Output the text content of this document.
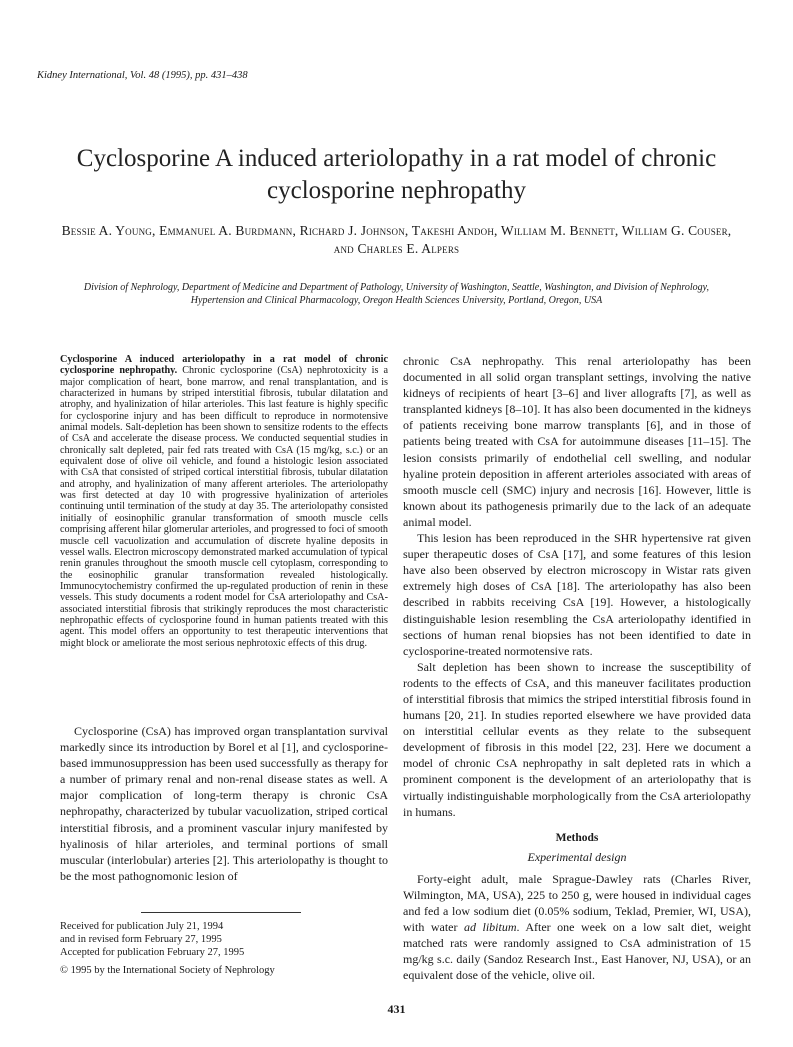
Kidney International, Vol. 48 (1995), pp. 431–438
Cyclosporine A induced arteriolopathy in a rat model of chronic cyclosporine nephropathy
Bessie A. Young, Emmanuel A. Burdmann, Richard J. Johnson, Takeshi Andoh, William M. Bennett, William G. Couser, and Charles E. Alpers
Division of Nephrology, Department of Medicine and Department of Pathology, University of Washington, Seattle, Washington, and Division of Nephrology, Hypertension and Clinical Pharmacology, Oregon Health Sciences University, Portland, Oregon, USA

Cyclosporine A induced arteriolopathy in a rat model of chronic cyclosporine nephropathy. Chronic cyclosporine (CsA) nephrotoxicity is a major complication of heart, bone marrow, and renal transplantation, and is characterized in humans by striped interstitial fibrosis, tubular dilatation and atrophy, and hyalinization of hilar arterioles. This last feature is highly specific for cyclosporine injury and has been difficult to reproduce in normotensive animal models. Salt-depletion has been shown to sensitize rodents to the effects of CsA and accelerate the disease process. We conducted sequential studies in chronically salt depleted, pair fed rats treated with CsA (15 mg/kg, s.c.) or an equivalent dose of olive oil vehicle, and found a histologic lesion associated with CsA that consisted of striped cortical interstitial fibrosis, tubular dilatation and atrophy, and hyalinization of many afferent arterioles. The arteriolopathy was first detected at day 10 with progressive hyalinization of arterioles continuing until termination of the study at day 35. The arteriolopathy consisted initially of eosinophilic granular transformation of smooth muscle cells comprising afferent hilar glomerular arterioles, and progressed to foci of smooth muscle cell vacuolization and accumulation of discrete hyaline deposits in vessel walls. Electron microscopy demonstrated marked accumulation of typical renin granules throughout the smooth muscle cell cytoplasm, corresponding to the eosinophilic granular transformation revealed histologically. Immunocytochemistry confirmed the up-regulated production of renin in these vessels. This study documents a rodent model for CsA arteriolopathy and CsA-associated interstitial fibrosis that strikingly reproduces the most characteristic nephropathic effects of cyclosporine found in human patients treated with this agent. This model offers an opportunity to test therapeutic interventions that might block or ameliorate the most serious nephrotoxic effects of this drug.

Cyclosporine (CsA) has improved organ transplantation survival markedly since its introduction by Borel et al [1], and cyclosporine-based immunosuppression has been used successfully as therapy for a number of primary renal and non-renal disease states as well. A major complication of long-term therapy is chronic CsA nephropathy, characterized by tubular vacuolization, striped cortical interstitial fibrosis, and a prominent vascular injury manifested by hyalinosis of hilar arterioles, and terminal portions of small muscular (interlobular) arteries [2]. This arteriolopathy is thought to be the most pathognomonic lesion of

chronic CsA nephropathy. This renal arteriolopathy has been documented in all solid organ transplant settings, involving the native kidneys of recipients of heart [3–6] and liver allografts [7], as well as transplanted kidneys [8–10]. It has also been documented in the kidneys of patients receiving bone marrow transplants [6], and in those of patients being treated with CsA for autoimmune diseases [11–15]. The lesion consists primarily of endothelial cell swelling, and nodular hyaline protein deposition in afferent arterioles associated with areas of smooth muscle cell (SMC) injury and necrosis [16]. However, little is known about its pathogenesis primarily due to the lack of an adequate animal model.

This lesion has been reproduced in the SHR hypertensive rat given super therapeutic doses of CsA [17], and some features of this lesion have also been observed by electron microscopy in Wistar rats given extremely high doses of CsA [18]. The arteriolopathy has also been described in rabbits receiving CsA [19]. However, a histologically distinguishable lesion resembling the CsA arteriolopathy identified in sections of human renal biopsies has not been identified to date in cyclosporine-treated normotensive rats.

Salt depletion has been shown to increase the susceptibility of rodents to the effects of CsA, and this maneuver facilitates production of interstitial fibrosis that mimics the striped interstitial fibrosis found in humans [20, 21]. In studies reported elsewhere we have provided data on interstitial cellular events as they relate to the subsequent development of fibrosis in this model [22, 23]. Here we document a model of chronic CsA nephropathy in salt depleted rats in which a prominent component is the development of an arteriolopathy that is virtually indistinguishable morphologically from the CsA arteriolopathy in humans.

Methods
Experimental design

Forty-eight adult, male Sprague-Dawley rats (Charles River, Wilmington, MA, USA), 225 to 250 g, were housed in individual cages and fed a low sodium diet (0.05% sodium, Teklad, Premier, WI, USA), with water ad libitum. After one week on a low salt diet, weight matched rats were randomly assigned to CsA administration of 15 mg/kg s.c. daily (Sandoz Research Inst., East Hanover, NJ, USA), or an equivalent dose of the vehicle, olive oil.

Received for publication July 21, 1994

and in revised form February 27, 1995

Accepted for publication February 27, 1995

© 1995 by the International Society of Nephrology

431
